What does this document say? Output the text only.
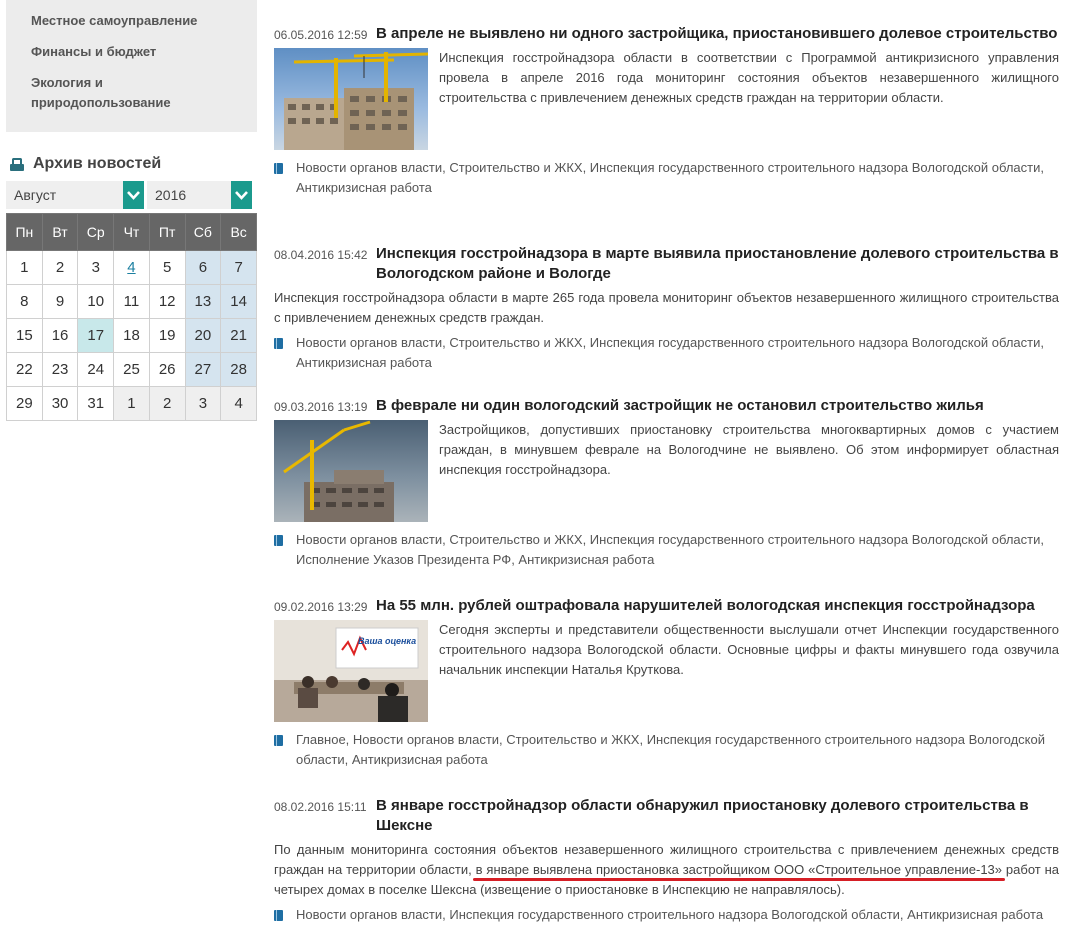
Местное самоуправление
Финансы и бюджет
Экология и природопользование
Архив новостей
Август	2016
Пн	Вт	Ср	Чт	Пт	Сб	Вс
1	2	3	4	5	6	7
8	9	10	11	12	13	14
15	16	17	18	19	20	21
22	23	24	25	26	27	28
29	30	31	1	2	3	4
06.05.2016 12:59 В апреле не выявлено ни одного застройщика, приостановившего долевое строительство
Инспекция госстройнадзора области в соответствии с Программой антикризисного управления провела в апреле 2016 года мониторинг состояния объектов незавершенного жилищного строительства с привлечением денежных средств граждан на территории области.
Новости органов власти, Строительство и ЖКХ, Инспекция государственного строительного надзора Вологодской области, Антикризисная работа
08.04.2016 15:42 Инспекция госстройнадзора в марте выявила приостановление долевого строительства в Вологодском районе и Вологде
Инспекция госстройнадзора области в марте 265 года провела мониторинг объектов незавершенного жилищного строительства с привлечением денежных средств граждан.
Новости органов власти, Строительство и ЖКХ, Инспекция государственного строительного надзора Вологодской области, Антикризисная работа
09.03.2016 13:19 В феврале ни один вологодский застройщик не остановил строительство жилья
Застройщиков, допустивших приостановку строительства многоквартирных домов с участием граждан, в минувшем феврале на Вологодчине не выявлено. Об этом информирует областная инспекция госстройнадзора.
Новости органов власти, Строительство и ЖКХ, Инспекция государственного строительного надзора Вологодской области, Исполнение Указов Президента РФ, Антикризисная работа
09.02.2016 13:29 На 55 млн. рублей оштрафовала нарушителей вологодская инспекция госстройнадзора
Ваша оценка
Сегодня эксперты и представители общественности выслушали отчет Инспекции государственного строительного надзора Вологодской области. Основные цифры и факты минувшего года озвучила начальник инспекции Наталья Круткова.
Главное, Новости органов власти, Строительство и ЖКХ, Инспекция государственного строительного надзора Вологодской области, Антикризисная работа
08.02.2016 15:11 В январе госстройнадзор области обнаружил приостановку долевого строительства в Шексне
По данным мониторинга состояния объектов незавершенного жилищного строительства с привлечением денежных средств граждан на территории области, в январе выявлена приостановка застройщиком ООО «Строительное управление-13» работ на четырех домах в поселке Шексна (извещение о приостановке в Инспекцию не направлялось).
Новости органов власти, Инспекция государственного строительного надзора Вологодской области, Антикризисная работа
